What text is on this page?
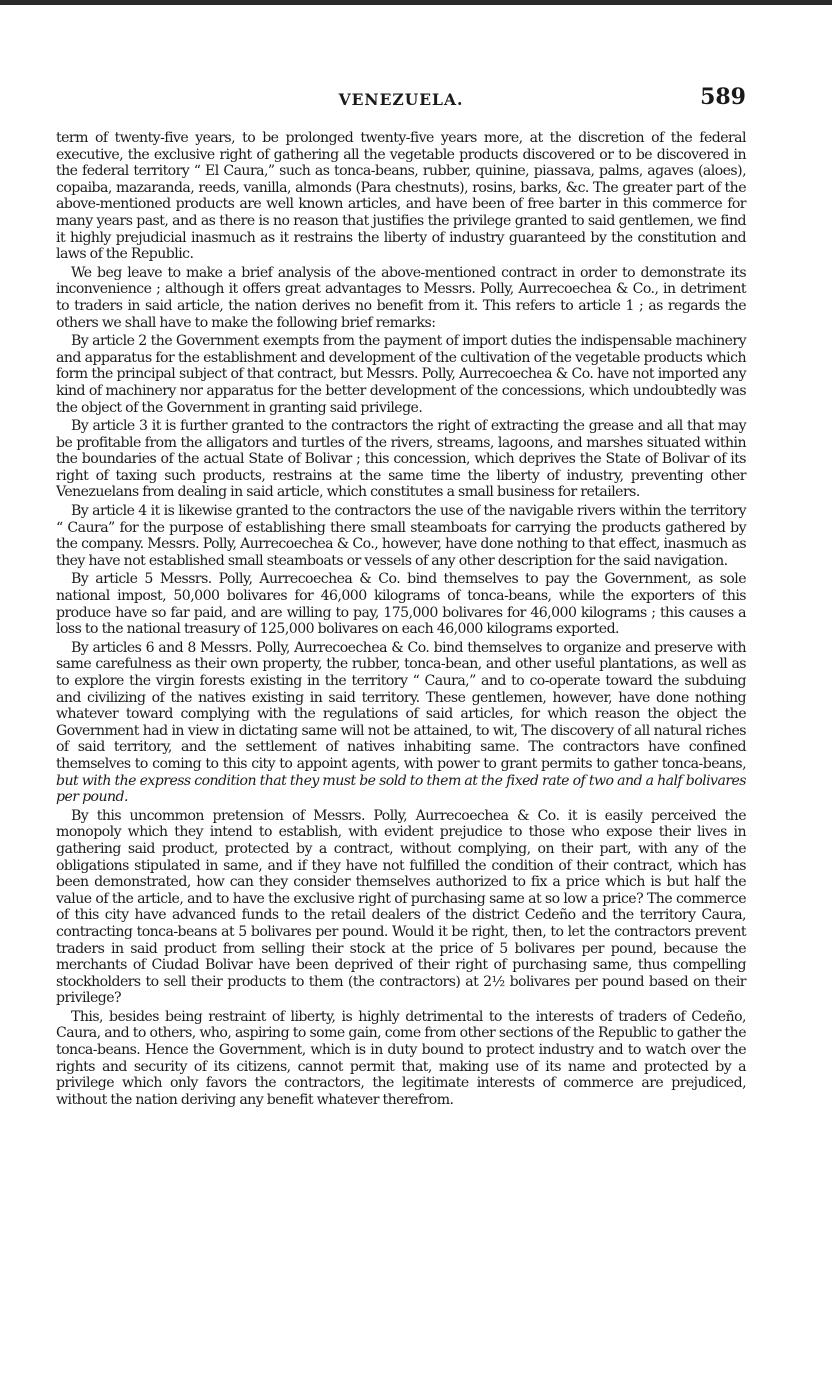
VENEZUELA.	589

term of twenty-five years, to be prolonged twenty-five years more, at the discretion of the federal executive, the exclusive right of gathering all the vegetable products discovered or to be discovered in the federal territory “ El Caura,” such as tonca-beans, rubber, quinine, piassava, palms, agaves (aloes), copaiba, mazaranda, reeds, vanilla, almonds (Para chestnuts), rosins, barks, &c. The greater part of the above-mentioned products are well known articles, and have been of free barter in this commerce for many years past, and as there is no reason that justifies the privilege granted to said gentlemen, we find it highly prejudicial inasmuch as it restrains the liberty of industry guaranteed by the constitution and laws of the Republic.

We beg leave to make a brief analysis of the above-mentioned contract in order to demonstrate its inconvenience ; although it offers great advantages to Messrs. Polly, Aurrecoechea & Co., in detriment to traders in said article, the nation derives no benefit from it. This refers to article 1 ; as regards the others we shall have to make the following brief remarks:

By article 2 the Government exempts from the payment of import duties the indispensable machinery and apparatus for the establishment and development of the cultivation of the vegetable products which form the principal subject of that contract, but Messrs. Polly, Aurrecoechea & Co. have not imported any kind of machinery nor apparatus for the better development of the concessions, which undoubtedly was the object of the Government in granting said privilege.

By article 3 it is further granted to the contractors the right of extracting the grease and all that may be profitable from the alligators and turtles of the rivers, streams, lagoons, and marshes situated within the boundaries of the actual State of Bolivar ; this concession, which deprives the State of Bolivar of its right of taxing such products, restrains at the same time the liberty of industry, preventing other Venezuelans from dealing in said article, which constitutes a small business for retailers.

By article 4 it is likewise granted to the contractors the use of the navigable rivers within the territory “ Caura” for the purpose of establishing there small steamboats for carrying the products gathered by the company. Messrs. Polly, Aurrecoechea & Co., however, have done nothing to that effect, inasmuch as they have not established small steamboats or vessels of any other description for the said navigation.

By article 5 Messrs. Polly, Aurrecoechea & Co. bind themselves to pay the Government, as sole national impost, 50,000 bolivares for 46,000 kilograms of tonca-beans, while the exporters of this produce have so far paid, and are willing to pay, 175,000 bolivares for 46,000 kilograms ; this causes a loss to the national treasury of 125,000 bolivares on each 46,000 kilograms exported.

By articles 6 and 8 Messrs. Polly, Aurrecoechea & Co. bind themselves to organize and preserve with same carefulness as their own property, the rubber, tonca-bean, and other useful plantations, as well as to explore the virgin forests existing in the territory “ Caura,” and to co-operate toward the subduing and civilizing of the natives existing in said territory. These gentlemen, however, have done nothing whatever toward complying with the regulations of said articles, for which reason the object the Government had in view in dictating same will not be attained, to wit, The discovery of all natural riches of said territory, and the settlement of natives inhabiting same. The contractors have confined themselves to coming to this city to appoint agents, with power to grant permits to gather tonca-beans, but with the express condition that they must be sold to them at the fixed rate of two and a half bolivares per pound.

By this uncommon pretension of Messrs. Polly, Aurrecoechea & Co. it is easily perceived the monopoly which they intend to establish, with evident prejudice to those who expose their lives in gathering said product, protected by a contract, without complying, on their part, with any of the obligations stipulated in same, and if they have not fulfilled the condition of their contract, which has been demonstrated, how can they consider themselves authorized to fix a price which is but half the value of the article, and to have the exclusive right of purchasing same at so low a price? The commerce of this city have advanced funds to the retail dealers of the district Cedeño and the territory Caura, contracting tonca-beans at 5 bolivares per pound. Would it be right, then, to let the contractors prevent traders in said product from selling their stock at the price of 5 bolivares per pound, because the merchants of Ciudad Bolivar have been deprived of their right of purchasing same, thus compelling stockholders to sell their products to them (the contractors) at 2½ bolivares per pound based on their privilege?

This, besides being restraint of liberty, is highly detrimental to the interests of traders of Cedeño, Caura, and to others, who, aspiring to some gain, come from other sections of the Republic to gather the tonca-beans. Hence the Government, which is in duty bound to protect industry and to watch over the rights and security of its citizens, cannot permit that, making use of its name and protected by a privilege which only favors the contractors, the legitimate interests of commerce are prejudiced, without the nation deriving any benefit whatever therefrom.
